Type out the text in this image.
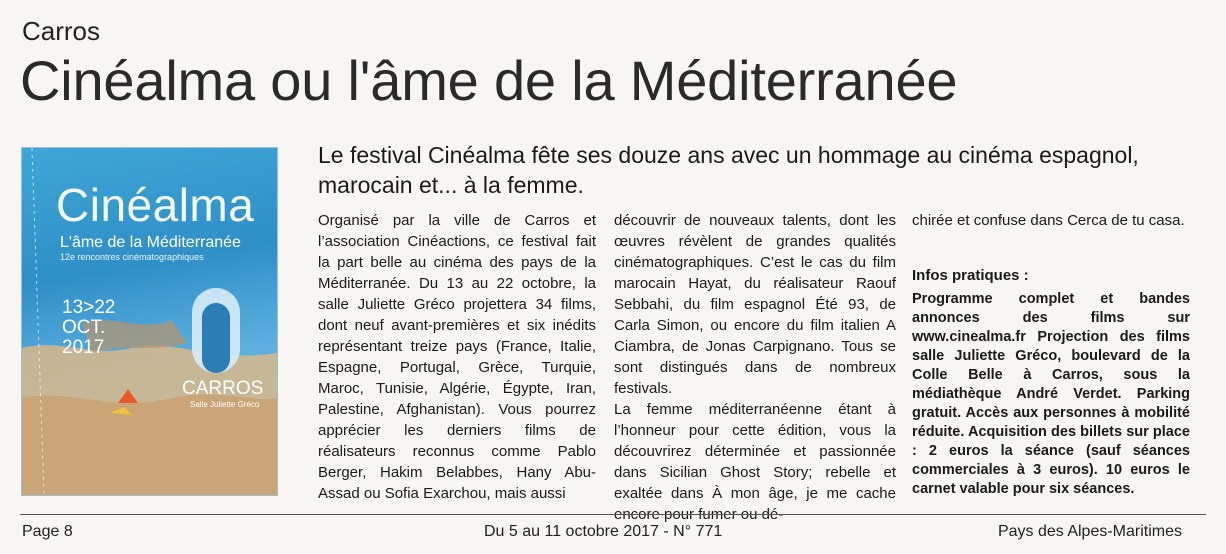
Carros
Cinéalma ou l'âme de la Méditerranée
Cinéalma
L'âme de la Méditerranée
12e rencontres cinématographiques
13>22 OCT. 2017
CARROS
Salle Juliette Gréco
Le festival Cinéalma fête ses douze ans avec un hommage au cinéma espagnol, marocain et... à la femme.

Organisé par la ville de Carros et l’association Cinéactions, ce festival fait la part belle au cinéma des pays de la Méditerranée. Du 13 au 22 octobre, la salle Juliette Gréco projettera 34 films, dont neuf avant-premières et six inédits représentant treize pays (France, Italie, Espagne, Portugal, Grèce, Turquie, Maroc, Tunisie, Algérie, Égypte, Iran, Palestine, Afghanistan). Vous pourrez apprécier les derniers films de réalisateurs reconnus comme Pablo Berger, Hakim Belabbes, Hany Abu-Assad ou Sofia Exarchou, mais aussi

découvrir de nouveaux talents, dont les œuvres révèlent de grandes qualités cinématographiques. C’est le cas du film marocain Hayat, du réalisateur Raouf Sebbahi, du film espagnol Été 93, de Carla Simon, ou encore du film italien A Ciambra, de Jonas Carpignano. Tous se sont distingués dans de nombreux festivals.

La femme méditerranéenne étant à l’honneur pour cette édition, vous la découvrirez déterminée et passionnée dans Sicilian Ghost Story; rebelle et exaltée dans À mon âge, je me cache encore pour fumer ou dé-

chirée et confuse dans Cerca de tu casa.

Infos pratiques :

Programme complet et bandes annonces des films sur www.cinealma.fr Projection des films salle Juliette Gréco, boulevard de la Colle Belle à Carros, sous la médiathèque André Verdet. Parking gratuit. Accès aux personnes à mobilité réduite. Acquisition des billets sur place : 2 euros la séance (sauf séances commerciales à 3 euros). 10 euros le carnet valable pour six séances.

Page 8	Du 5 au 11 octobre 2017 - N° 771	Pays des Alpes-Maritimes
